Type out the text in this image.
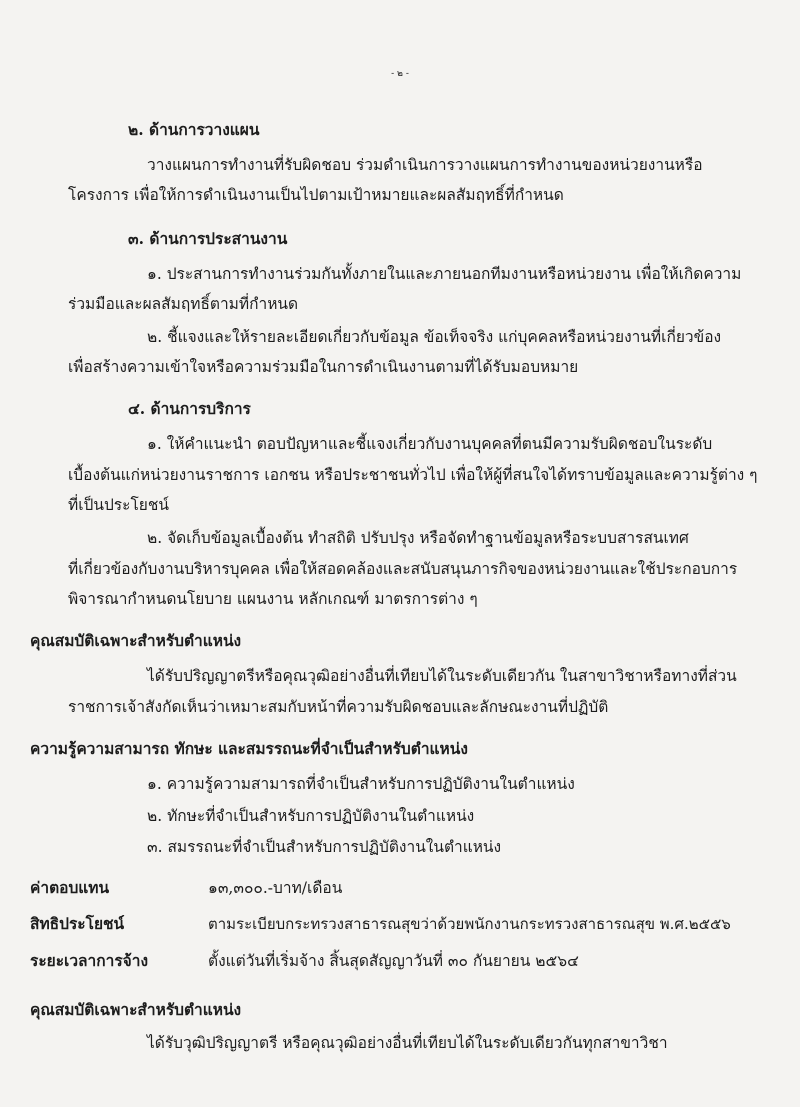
- ๒ -

๒. ด้านการวางแผน

วางแผนการทำงานที่รับผิดชอบ ร่วมดำเนินการวางแผนการทำงานของหน่วยงานหรือ

โครงการ เพื่อให้การดำเนินงานเป็นไปตามเป้าหมายและผลสัมฤทธิ์ที่กำหนด

๓. ด้านการประสานงาน

๑. ประสานการทำงานร่วมกันทั้งภายในและภายนอกทีมงานหรือหน่วยงาน เพื่อให้เกิดความ

ร่วมมือและผลสัมฤทธิ์ตามที่กำหนด

๒. ชี้แจงและให้รายละเอียดเกี่ยวกับข้อมูล ข้อเท็จจริง แก่บุคคลหรือหน่วยงานที่เกี่ยวข้อง

เพื่อสร้างความเข้าใจหรือความร่วมมือในการดำเนินงานตามที่ได้รับมอบหมาย

๔. ด้านการบริการ

๑. ให้คำแนะนำ ตอบปัญหาและชี้แจงเกี่ยวกับงานบุคคลที่ตนมีความรับผิดชอบในระดับ

เบื้องต้นแก่หน่วยงานราชการ เอกชน หรือประชาชนทั่วไป เพื่อให้ผู้ที่สนใจได้ทราบข้อมูลและความรู้ต่าง ๆ

ที่เป็นประโยชน์

๒. จัดเก็บข้อมูลเบื้องต้น ทำสถิติ ปรับปรุง หรือจัดทำฐานข้อมูลหรือระบบสารสนเทศ

ที่เกี่ยวข้องกับงานบริหารบุคคล เพื่อให้สอดคล้องและสนับสนุนภารกิจของหน่วยงานและใช้ประกอบการ

พิจารณากำหนดนโยบาย แผนงาน หลักเกณฑ์ มาตรการต่าง ๆ

คุณสมบัติเฉพาะสำหรับตำแหน่ง

ได้รับปริญญาตรีหรือคุณวุฒิอย่างอื่นที่เทียบได้ในระดับเดียวกัน ในสาขาวิชาหรือทางที่ส่วน

ราชการเจ้าสังกัดเห็นว่าเหมาะสมกับหน้าที่ความรับผิดชอบและลักษณะงานที่ปฏิบัติ

ความรู้ความสามารถ ทักษะ และสมรรถนะที่จำเป็นสำหรับตำแหน่ง

๑. ความรู้ความสามารถที่จำเป็นสำหรับการปฏิบัติงานในตำแหน่ง

๒. ทักษะที่จำเป็นสำหรับการปฏิบัติงานในตำแหน่ง

๓. สมรรถนะที่จำเป็นสำหรับการปฏิบัติงานในตำแหน่ง

ค่าตอบแทน	๑๓,๓๐๐.-บาท/เดือน

สิทธิประโยชน์	ตามระเบียบกระทรวงสาธารณสุขว่าด้วยพนักงานกระทรวงสาธารณสุข พ.ศ.๒๕๕๖

ระยะเวลาการจ้าง	ตั้งแต่วันที่เริ่มจ้าง สิ้นสุดสัญญาวันที่ ๓๐ กันยายน ๒๕๖๔

คุณสมบัติเฉพาะสำหรับตำแหน่ง

ได้รับวุฒิปริญญาตรี หรือคุณวุฒิอย่างอื่นที่เทียบได้ในระดับเดียวกันทุกสาขาวิชา
